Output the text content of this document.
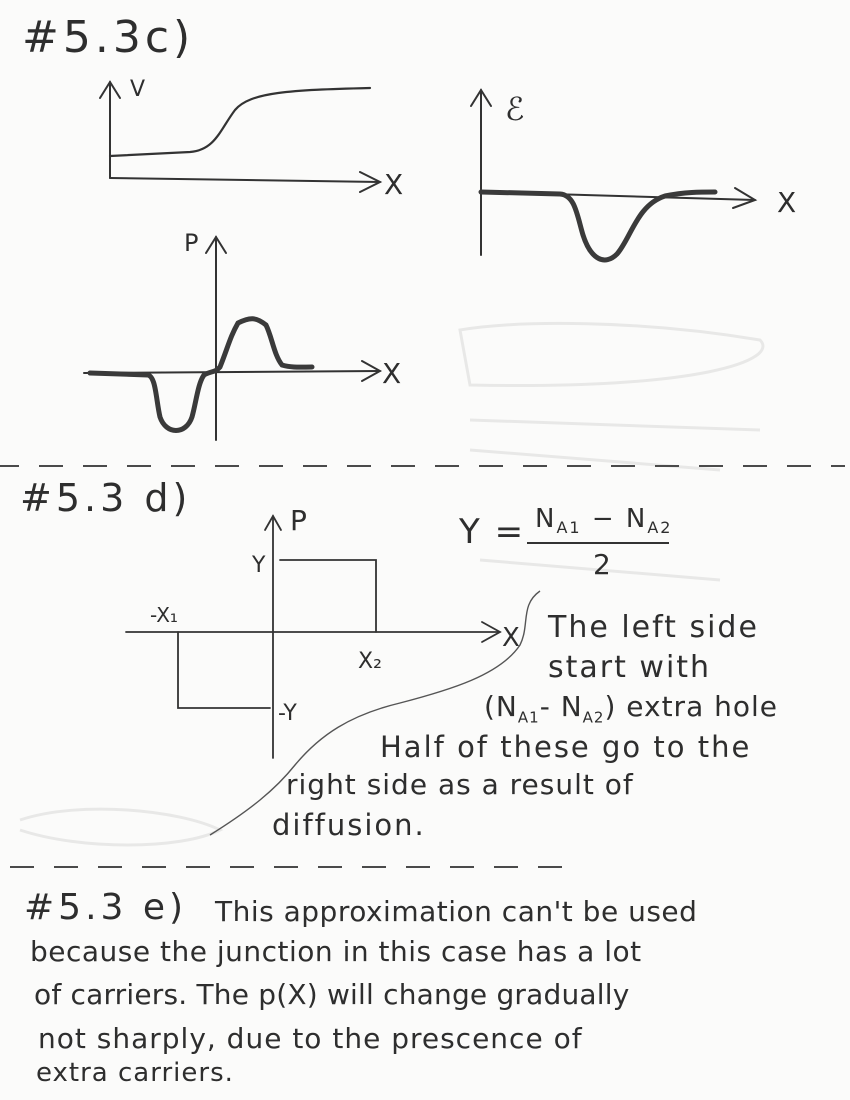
#5.3c)
V
X
ℰ
X
P
X
#5.3 d)
P
Y
-X₁
X
X₂
-Y
$Y = N_{A1} - N_{A2}$
2
The left side
start with
($N_{A1}-$ $N_{A2}$) extra hole
Half of these go to the
right side as a result of
diffusion.
#5.3 e) This approximation can't be used
because the junction in this case has a lot
of carriers. The p(X) will change gradually
not sharply, due to the prescence of
extra carriers.
